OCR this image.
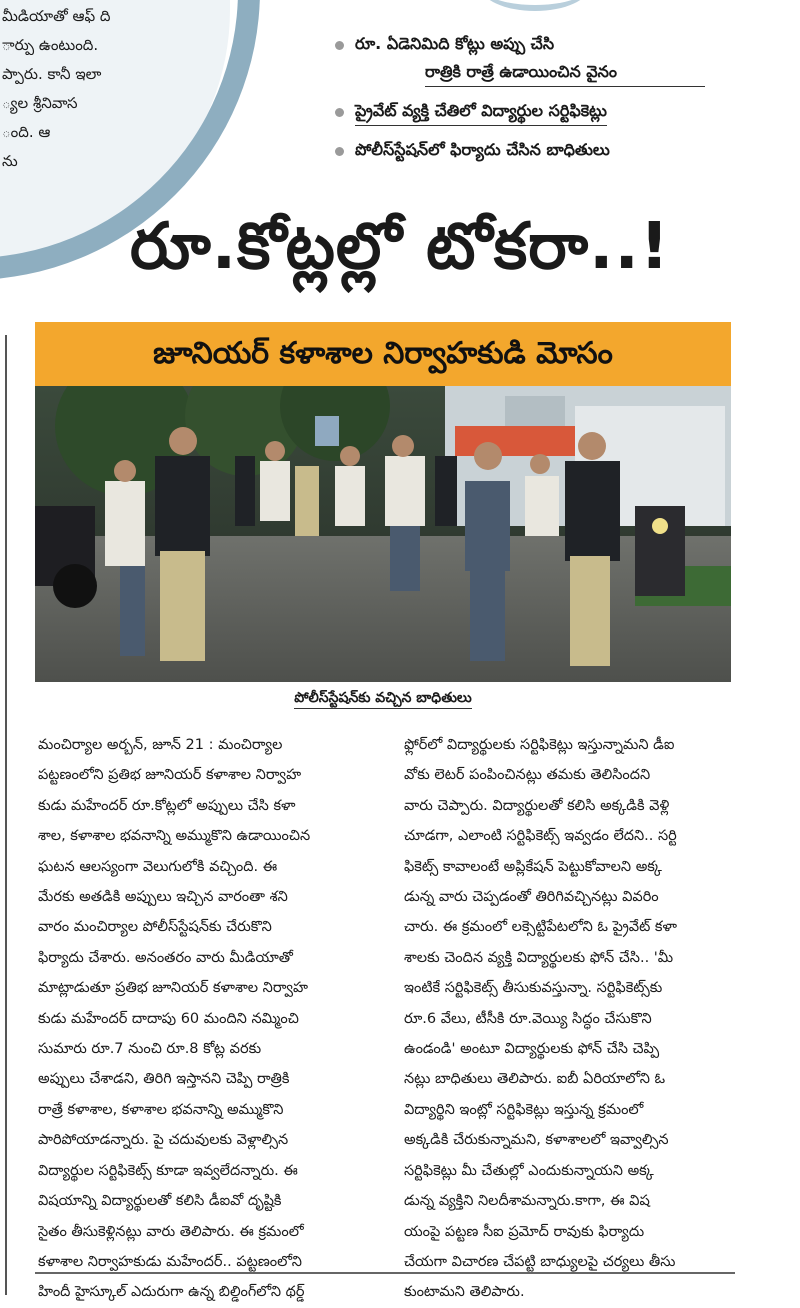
మీడియాతో ఆఫ్ ది
ార్పు ఉంటుంది.
ప్పారు. కానీ ఇలా
్యల శ్రీనివాస
ంది. ఆ
ను
రూ. ఏడెనిమిది కోట్లు అప్పు చేసి
రాత్రికి రాత్రే ఉడాయించిన వైనం
ప్రైవేట్ వ్యక్తి చేతిలో విద్యార్థుల సర్టిఫికెట్లు
పోలీస్‌స్టేషన్‌లో ఫిర్యాదు చేసిన బాధితులు
రూ.కోట్లల్లో టోకరా..!
జూనియర్ కళాశాల నిర్వాహకుడి మోసం
పోలీస్‌స్టేషన్‌కు వచ్చిన బాధితులు
మంచిర్యాల అర్బన్, జూన్ 21 : మంచిర్యాల
పట్టణంలోని ప్రతిభ జూనియర్ కళాశాల నిర్వాహ
కుడు మహేందర్ రూ.కోట్లలో అప్పులు చేసి కళా
శాల, కళాశాల భవనాన్ని అమ్ముకొని ఉడాయించిన
ఘటన ఆలస్యంగా వెలుగులోకి వచ్చింది. ఈ
మేరకు అతడికి అప్పులు ఇచ్చిన వారంతా శని
వారం మంచిర్యాల పోలీస్‌స్టేషన్‌కు చేరుకొని
ఫిర్యాదు చేశారు. అనంతరం వారు మీడియాతో
మాట్లాడుతూ ప్రతిభ జూనియర్ కళాశాల నిర్వాహ
కుడు మహేందర్ దాదాపు 60 మందిని నమ్మించి
సుమారు రూ.7 నుంచి రూ.8 కోట్ల వరకు
అప్పులు చేశాడని, తిరిగి ఇస్తానని చెప్పి రాత్రికి
రాత్రే కళాశాల, కళాశాల భవనాన్ని అమ్ముకొని
పారిపోయాడన్నారు. పై చదువులకు వెళ్లాల్సిన
విద్యార్థుల సర్టిఫికెట్స్ కూడా ఇవ్వలేదన్నారు. ఈ
విషయాన్ని విద్యార్థులతో కలిసి డీఐవో దృష్టికి
సైతం తీసుకెళ్లినట్లు వారు తెలిపారు. ఈ క్రమంలో
కళాశాల నిర్వాహకుడు మహేందర్.. పట్టణంలోని
హిందీ హైస్కూల్ ఎదురుగా ఉన్న బిల్డింగ్‌లోని థర్డ్
ఫ్లోర్‌లో విద్యార్థులకు సర్టిఫికెట్లు ఇస్తున్నామని డీఐ
వోకు లెటర్ పంపించినట్లు తమకు తెలిసిందని
వారు చెప్పారు. విద్యార్థులతో కలిసి అక్కడికి వెళ్లి
చూడగా, ఎలాంటి సర్టిఫికెట్స్ ఇవ్వడం లేదని.. సర్టి
ఫికెట్స్ కావాలంటే అప్లికేషన్ పెట్టుకోవాలని అక్క
డున్న వారు చెప్పడంతో తిరిగివచ్చినట్లు వివరిం
చారు. ఈ క్రమంలో లక్సెట్టిపేటలోని ఓ ప్రైవేట్ కళా
శాలకు చెందిన వ్యక్తి విద్యార్థులకు ఫోన్ చేసి.. 'మీ
ఇంటికే సర్టిఫికెట్స్ తీసుకువస్తున్నా. సర్టిఫికెట్స్‌కు
రూ.6 వేలు, టీసీకి రూ.వెయ్యి సిద్ధం చేసుకొని
ఉండండి' అంటూ విద్యార్థులకు ఫోన్ చేసి చెప్పి
నట్లు బాధితులు తెలిపారు. ఐబీ ఏరియాలోని ఓ
విద్యార్థిని ఇంట్లో సర్టిఫికెట్లు ఇస్తున్న క్రమంలో
అక్కడికి చేరుకున్నామని, కళాశాలలో ఇవ్వాల్సిన
సర్టిఫికెట్లు మీ చేతుల్లో ఎందుకున్నాయని అక్క
డున్న వ్యక్తిని నిలదీశామన్నారు.కాగా, ఈ విష
యంపై పట్టణ సీఐ ప్రమోద్ రావుకు ఫిర్యాదు
చేయగా విచారణ చేపట్టి బాధ్యులపై చర్యలు తీసు
కుంటామని తెలిపారు.
